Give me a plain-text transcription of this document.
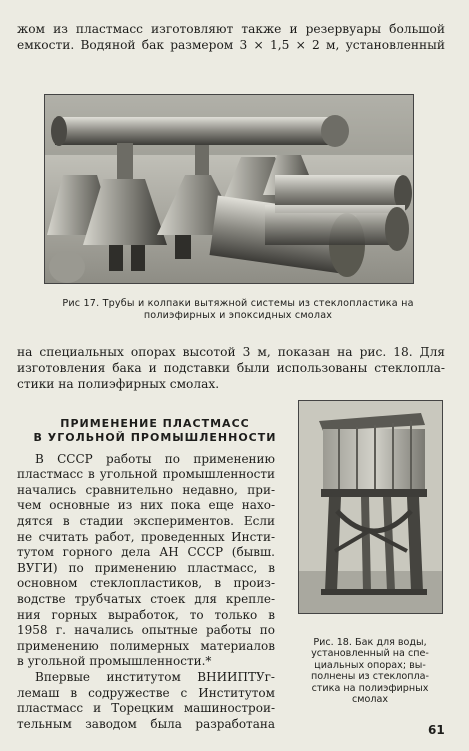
жом из пластмасс изготовляют также и резервуары большой
емкости. Водяной бак размером 3 × 1,5 × 2 м, установленный
Рис 17. Трубы и колпаки вытяжной системы из стеклопластика на
полиэфирных и эпоксидных смолах
на специальных опорах высотой 3 м, показан на рис. 18. Для
изготовления бака и подставки были использованы стеклопла-
стики на полиэфирных смолах.
ПРИМЕНЕНИЕ ПЛАСТМАСС
В УГОЛЬНОЙ ПРОМЫШЛЕННОСТИ
В СССР работы по применению
пластмасс в угольной промышленности
начались сравнительно недавно, при-
чем основные из них пока еще нахо-
дятся в стадии экспериментов. Если
не считать работ, проведенных Инсти-
тутом горного дела АН СССР (бывш.
ВУГИ) по применению пластмасс, в
основном стеклопластиков, в произ-
водстве трубчатых стоек для крепле-
ния горных выработок, то только в
1958 г. начались опытные работы по
применению полимерных материалов
в угольной промышленности.*
Впервые институтом ВНИИПТУг-
лемаш в содружестве с Институтом
пластмасс и Торецким машинострои-
тельным заводом была разработана
Рис. 18. Бак для воды,
установленный на спе-
циальных опорах; вы-
полнены из стеклопла-
стика на полиэфирных
смолах
61
